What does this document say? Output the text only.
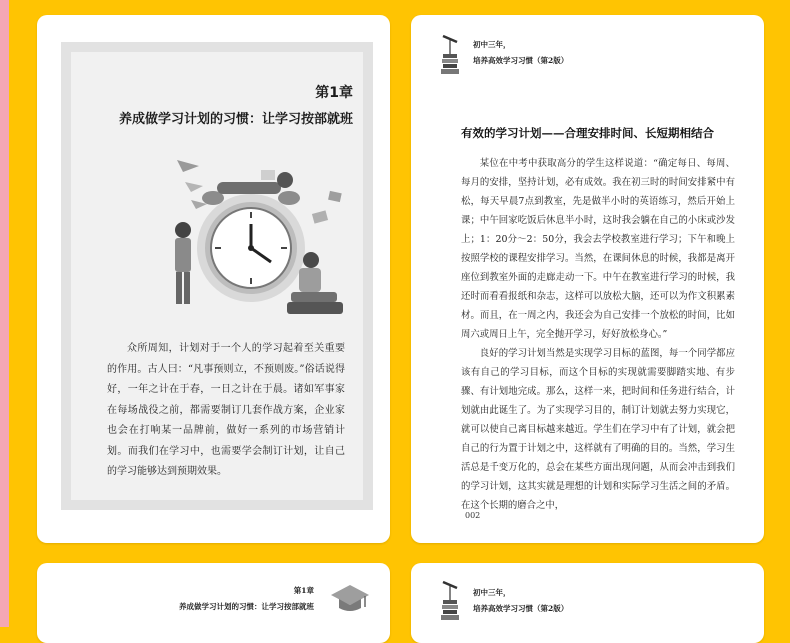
第1章
养成做学习计划的习惯：让学习按部就班

众所周知，计划对于一个人的学习起着至关重要的作用。古人曰：“凡事预则立，不预则废。”俗话说得好，一年之计在于春，一日之计在于晨。诸如军事家在每场战役之前，都需要制订几套作战方案，企业家也会在打响某一品牌前，做好一系列的市场营销计划。而我们在学习中，也需要学会制订计划，让自己的学习能够达到预期效果。

初中三年，
培养高效学习习惯（第2版）
有效的学习计划——合理安排时间、长短期相结合

某位在中考中获取高分的学生这样说道：“确定每日、每周、每月的安排，坚持计划，必有成效。我在初三时的时间安排紧中有松，每天早晨7点到教室，先是做半小时的英语练习，然后开始上课；中午回家吃饭后休息半小时，这时我会躺在自己的小床或沙发上；1：20分～2：50分，我会去学校教室进行学习；下午和晚上按照学校的课程安排学习。当然，在课间休息的时候，我都是离开座位到教室外面的走廊走动一下。中午在教室进行学习的时候，我还时而看看报纸和杂志，这样可以放松大脑，还可以为作文积累素材。而且，在一周之内，我还会为自己安排一个放松的时间，比如周六或周日上午，完全抛开学习，好好放松身心。”

良好的学习计划当然是实现学习目标的蓝图，每一个同学都应该有自己的学习目标，而这个目标的实现就需要脚踏实地、有步骤、有计划地完成。那么，这样一来，把时间和任务进行结合，计划就由此诞生了。为了实现学习目的，制订计划就去努力实现它，就可以使自己离目标越来越近。学生们在学习中有了计划，就会把自己的行为置于计划之中，这样就有了明确的目的。当然，学习生活总是千变万化的，总会在某些方面出现问题，从而会冲击到我们的学习计划，这其实就是理想的计划和实际学习生活之间的矛盾。在这个长期的磨合之中，

002
第1章
养成做学习计划的习惯：让学习按部就班
初中三年，
培养高效学习习惯（第2版）
